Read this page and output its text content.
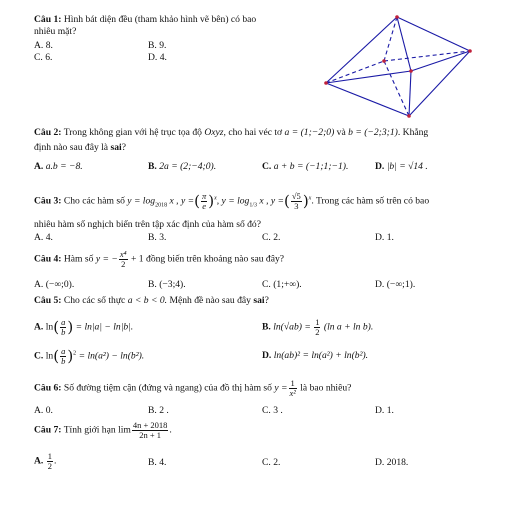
Câu 1: Hình bát diện đều (tham khảo hình vẽ bên) có bao
nhiêu mặt?
A. 8.	B. 9.
C. 6.	D. 4.
Câu 2: Trong không gian với hệ trục tọa độ Oxyz, cho hai véc tơ a = (1;−2;0) và b = (−2;3;1). Khẳng
định nào sau đây là sai?
A. a.b = −8.	B. 2a = (2;−4;0).	C. a + b = (−1;1;−1).	D. |b| = √14 .
Câu 3: Cho các hàm số $y = \log_{2018} x$ , y =( $\frac{\pi}{e} )^x$, $y = \log_{1/3} x$ , y =( $\frac{√5}{3} )^x$. Trong các hàm số trên có bao
nhiêu hàm số nghịch biến trên tập xác định của hàm số đó?
A. 4.	B. 3.	C. 2.	D. 1.
Câu 4: Hàm số y = − $\frac{\text{x⁴}}{2} + 1$ đồng biến trên khoảng nào sau đây?
A. (−∞;0).	B. (−3;4).	C. (1;+∞).	D. (−∞;1).
Câu 5: Cho các số thực a < b < 0. Mệnh đề nào sau đây sai?
A. $\ln( \frac{a}{b}$ ) = ln|a| − ln|b|.	B. $\ln(√ab) = \frac{1}{2} (\ln$ a + ln b).
C. $\ln( \frac{a}{b} )^2 = \ln(a^2) - \ln(b^2)$.	D. ln(ab)² = ln(a²) + ln(b²).
Câu 6: Số đường tiệm cận (đứng và ngang) của đồ thị hàm số $y = \frac{1}{\text{x²}}$ là bao nhiêu?
A. 0.	B. 2 .	C. 3 .	D. 1.
Câu 7: Tính giới hạn $\lim \frac{4n + 2018}{2n + 1}$ .
A. $\frac{1}{2}$ .	B. 4.	C. 2.	D. 2018.
